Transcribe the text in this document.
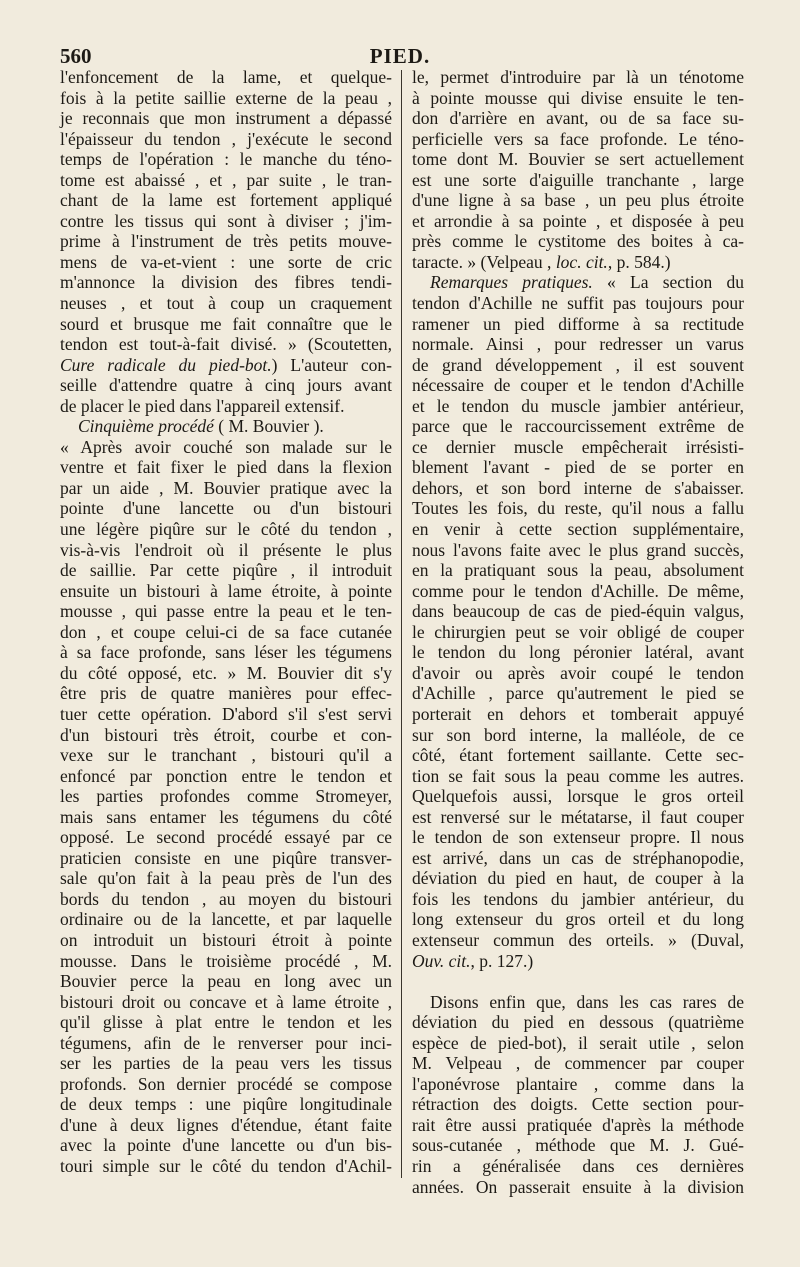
560	PIED.
l'enfoncement de la lame, et quelque-
fois à la petite saillie externe de la peau ,
je reconnais que mon instrument a dépassé
l'épaisseur du tendon , j'exécute le second
temps de l'opération : le manche du téno-
tome est abaissé , et , par suite , le tran-
chant de la lame est fortement appliqué
contre les tissus qui sont à diviser ; j'im-
prime à l'instrument de très petits mouve-
mens de va-et-vient : une sorte de cric
m'annonce la division des fibres tendi-
neuses , et tout à coup un craquement
sourd et brusque me fait connaître que le
tendon est tout-à-fait divisé. » (Scoutetten,
Cure radicale du pied-bot.) L'auteur con-
seille d'attendre quatre à cinq jours avant
de placer le pied dans l'appareil extensif.
Cinquième procédé ( M. Bouvier ).
« Après avoir couché son malade sur le
ventre et fait fixer le pied dans la flexion
par un aide , M. Bouvier pratique avec la
pointe d'une lancette ou d'un bistouri
une légère piqûre sur le côté du tendon ,
vis-à-vis l'endroit où il présente le plus
de saillie. Par cette piqûre , il introduit
ensuite un bistouri à lame étroite, à pointe
mousse , qui passe entre la peau et le ten-
don , et coupe celui-ci de sa face cutanée
à sa face profonde, sans léser les tégumens
du côté opposé, etc. » M. Bouvier dit s'y
être pris de quatre manières pour effec-
tuer cette opération. D'abord s'il s'est servi
d'un bistouri très étroit, courbe et con-
vexe sur le tranchant , bistouri qu'il a
enfoncé par ponction entre le tendon et
les parties profondes comme Stromeyer,
mais sans entamer les tégumens du côté
opposé. Le second procédé essayé par ce
praticien consiste en une piqûre transver-
sale qu'on fait à la peau près de l'un des
bords du tendon , au moyen du bistouri
ordinaire ou de la lancette, et par laquelle
on introduit un bistouri étroit à pointe
mousse. Dans le troisième procédé , M.
Bouvier perce la peau en long avec un
bistouri droit ou concave et à lame étroite ,
qu'il glisse à plat entre le tendon et les
tégumens, afin de le renverser pour inci-
ser les parties de la peau vers les tissus
profonds. Son dernier procédé se compose
de deux temps : une piqûre longitudinale
d'une à deux lignes d'étendue, étant faite
avec la pointe d'une lancette ou d'un bis-
touri simple sur le côté du tendon d'Achil-
le, permet d'introduire par là un ténotome
à pointe mousse qui divise ensuite le ten-
don d'arrière en avant, ou de sa face su-
perficielle vers sa face profonde. Le téno-
tome dont M. Bouvier se sert actuellement
est une sorte d'aiguille tranchante , large
d'une ligne à sa base , un peu plus étroite
et arrondie à sa pointe , et disposée à peu
près comme le cystitome des boites à ca-
taracte. » (Velpeau , loc. cit., p. 584.)
Remarques pratiques. « La section du
tendon d'Achille ne suffit pas toujours pour
ramener un pied difforme à sa rectitude
normale. Ainsi , pour redresser un varus
de grand développement , il est souvent
nécessaire de couper et le tendon d'Achille
et le tendon du muscle jambier antérieur,
parce que le raccourcissement extrême de
ce dernier muscle empêcherait irrésisti-
blement l'avant - pied de se porter en
dehors, et son bord interne de s'abaisser.
Toutes les fois, du reste, qu'il nous a fallu
en venir à cette section supplémentaire,
nous l'avons faite avec le plus grand succès,
en la pratiquant sous la peau, absolument
comme pour le tendon d'Achille. De même,
dans beaucoup de cas de pied-équin valgus,
le chirurgien peut se voir obligé de couper
le tendon du long péronier latéral, avant
d'avoir ou après avoir coupé le tendon
d'Achille , parce qu'autrement le pied se
porterait en dehors et tomberait appuyé
sur son bord interne, la malléole, de ce
côté, étant fortement saillante. Cette sec-
tion se fait sous la peau comme les autres.
Quelquefois aussi, lorsque le gros orteil
est renversé sur le métatarse, il faut couper
le tendon de son extenseur propre. Il nous
est arrivé, dans un cas de stréphanopodie,
déviation du pied en haut, de couper à la
fois les tendons du jambier antérieur, du
long extenseur du gros orteil et du long
extenseur commun des orteils. » (Duval,
Ouv. cit., p. 127.)
Disons enfin que, dans les cas rares de
déviation du pied en dessous (quatrième
espèce de pied-bot), il serait utile , selon
M. Velpeau , de commencer par couper
l'aponévrose plantaire , comme dans la
rétraction des doigts. Cette section pour-
rait être aussi pratiquée d'après la méthode
sous-cutanée , méthode que M. J. Gué-
rin a généralisée dans ces dernières
années. On passerait ensuite à la division
